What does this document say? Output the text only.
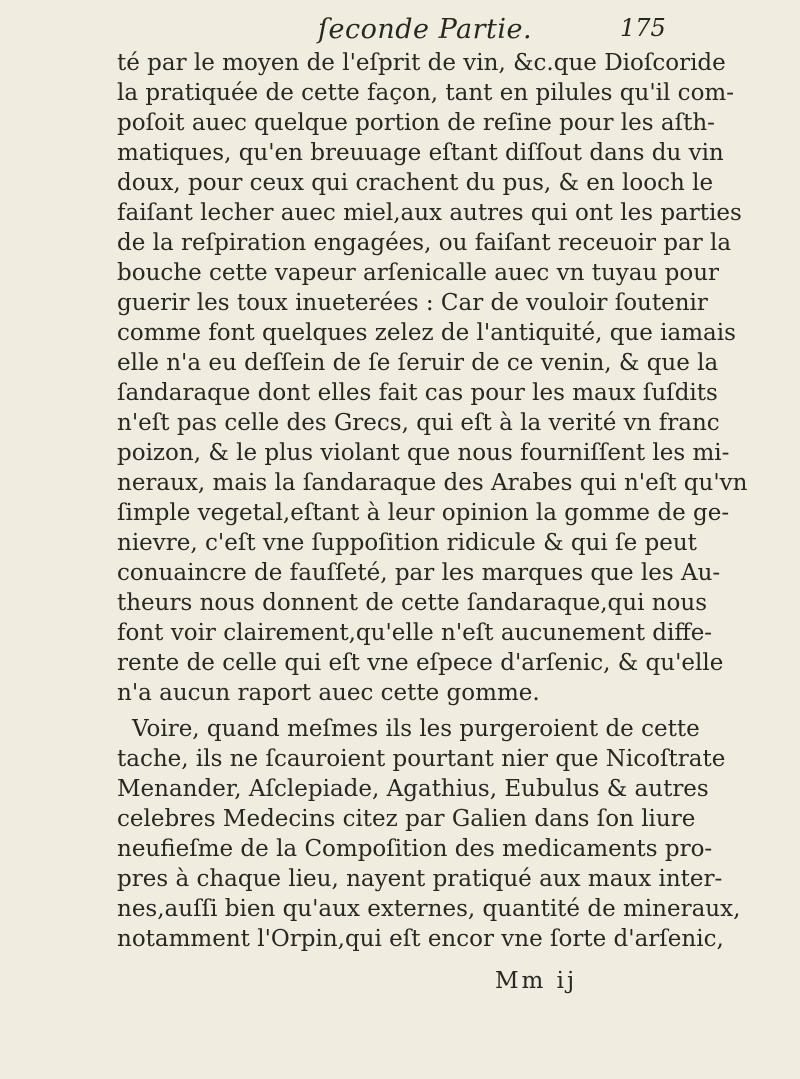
ſeconde Partie.	175
té par le moyen de l'eſprit de vin, &c.que Dioſcoride
la pratiquée de cette façon, tant en pilules qu'il com-
poſoit auec quelque portion de reſine pour les aſth-
matiques, qu'en breuuage eſtant diſſout dans du vin
doux, pour ceux qui crachent du pus, & en looch le
faiſant lecher auec miel,aux autres qui ont les parties
de la reſpiration engagées, ou faiſant receuoir par la
bouche cette vapeur arſenicalle auec vn tuyau pour
guerir les toux inueterées : Car de vouloir ſoutenir
comme font quelques zelez de l'antiquité, que iamais
elle n'a eu deſſein de ſe ſeruir de ce venin, & que la
ſandaraque dont elles fait cas pour les maux ſuſdits
n'eſt pas celle des Grecs, qui eſt à la verité vn franc
poizon, & le plus violant que nous fourniſſent les mi-
neraux, mais la ſandaraque des Arabes qui n'eſt qu'vn
ſimple vegetal,eſtant à leur opinion la gomme de ge-
nievre, c'eſt vne ſuppoſition ridicule & qui ſe peut
conuaincre de fauſſeté, par les marques que les Au-
theurs nous donnent de cette ſandaraque,qui nous
font voir clairement,qu'elle n'eſt aucunement diffe-
rente de celle qui eſt vne eſpece d'arſenic, & qu'elle
n'a aucun raport auec cette gomme.
Voire, quand meſmes ils les purgeroient de cette
tache, ils ne ſcauroient pourtant nier que Nicoſtrate
Menander, Aſclepiade, Agathius, Eubulus & autres
celebres Medecins citez par Galien dans ſon liure
neufieſme de la Compoſition des medicaments pro-
pres à chaque lieu, nayent pratiqué aux maux inter-
nes,auſſi bien qu'aux externes, quantité de mineraux,
notamment l'Orpin,qui eſt encor vne ſorte d'arſenic,
Mm ij
